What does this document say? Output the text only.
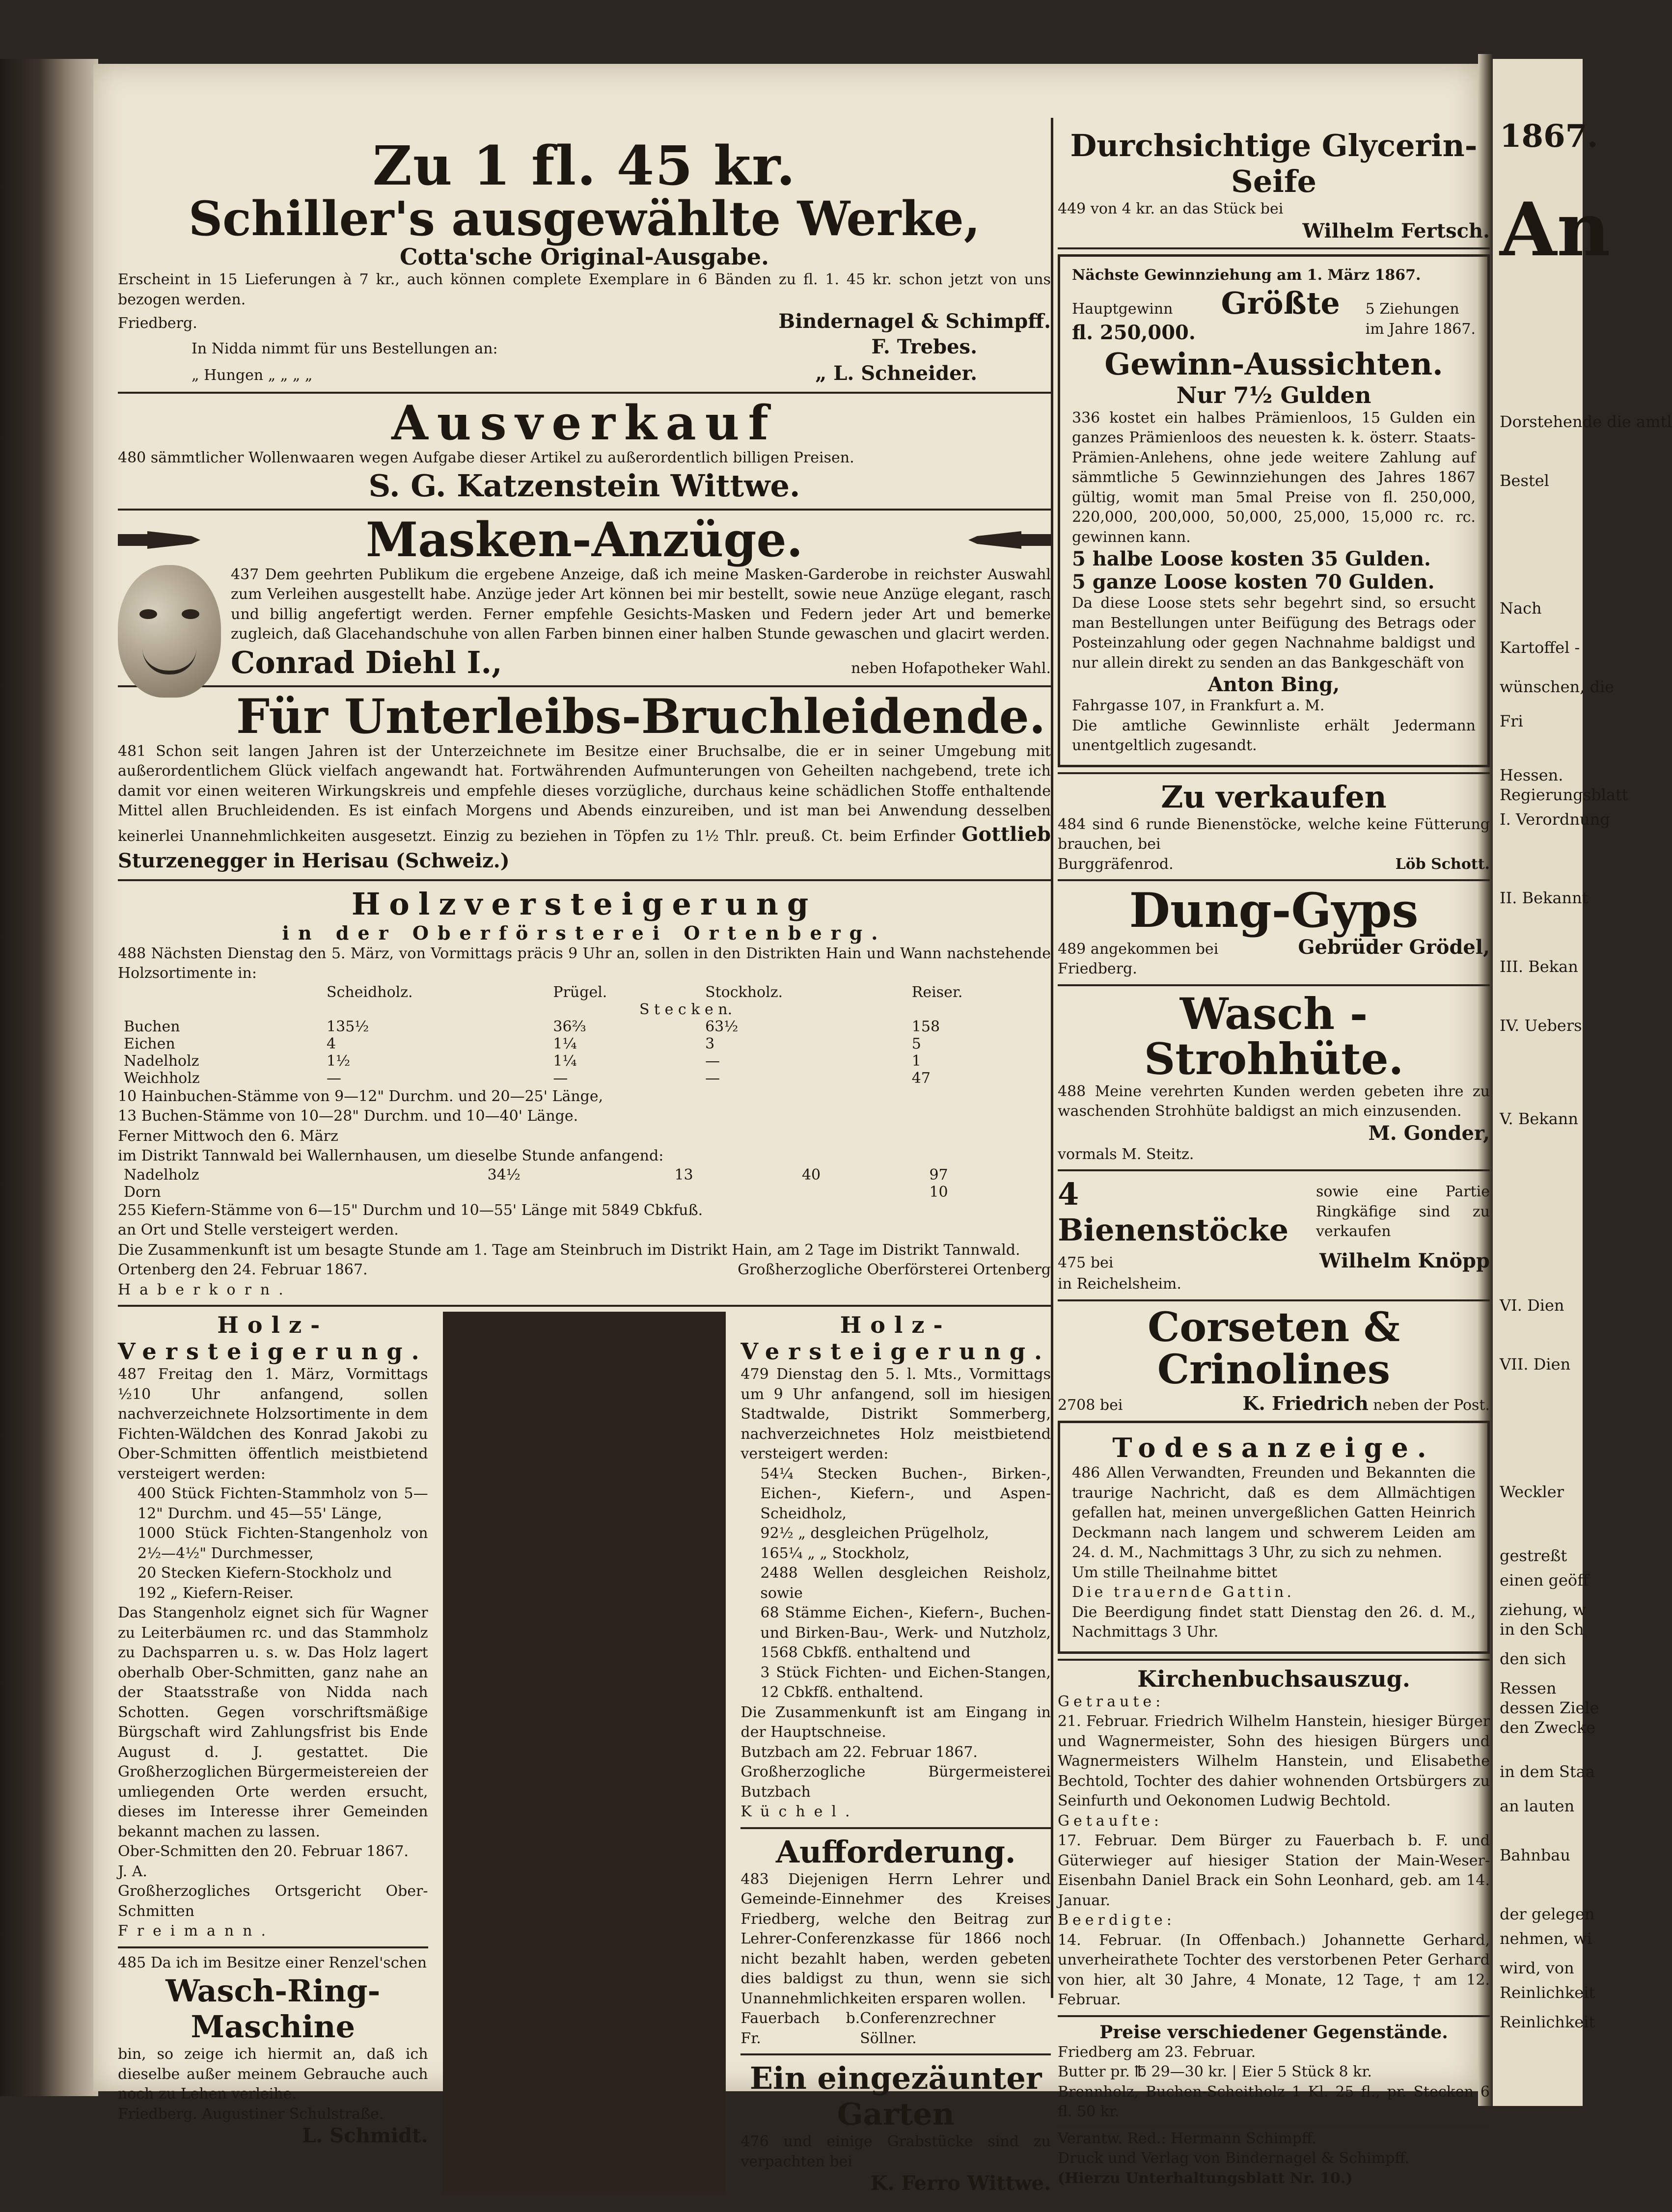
1867.
An
Dorstehende die amtl
Bestel
Nach
Kartoffel -
wünschen, die
Fri
Hessen.
Regierungsblatt
I. Verordnung
II. Bekannt
III. Bekan
IV. Uebers
V. Bekann
VI. Dien
VII. Dien
Weckler
gestreßt
einen geöff
ziehung, w
in den Sch
den sich
Ressen
dessen Ziele
den Zwecke
in dem Staa
an lauten
Bahnbau
der gelegen
nehmen, wi
wird, von
Reinlichkeit
Reinlichkeit
Zu 1 fl. 45 kr.
Schiller's ausgewählte Werke,
Cotta'sche Original-Ausgabe.
Erscheint in 15 Lieferungen à 7 kr., auch können complete Exemplare in 6 Bänden zu fl. 1. 45 kr. schon jetzt von uns bezogen werden.
Friedberg.	Bindernagel & Schimpff.
In Nidda nimmt für uns Bestellungen an:	F. Trebes.
„ Hungen „ „ „ „	„ L. Schneider.
Ausverkauf
480 sämmtlicher Wollenwaaren wegen Aufgabe dieser Artikel zu außerordentlich billigen Preisen.
S. G. Katzenstein Wittwe.
Masken-Anzüge.
437 Dem geehrten Publikum die ergebene Anzeige, daß ich meine Masken-Garderobe in reichster Auswahl zum Verleihen ausgestellt habe. Anzüge jeder Art können bei mir bestellt, sowie neue Anzüge elegant, rasch und billig angefertigt werden. Ferner empfehle Gesichts-Masken und Federn jeder Art und bemerke zugleich, daß Glacehandschuhe von allen Farben binnen einer halben Stunde gewaschen und glacirt werden.
Conrad Diehl I.,	neben Hofapotheker Wahl.
Für Unterleibs-Bruchleidende.
481 Schon seit langen Jahren ist der Unterzeichnete im Besitze einer Bruchsalbe, die er in seiner Umgebung mit außerordentlichem Glück vielfach angewandt hat. Fortwährenden Aufmunterungen von Geheilten nachgebend, trete ich damit vor einen weiteren Wirkungskreis und empfehle dieses vorzügliche, durchaus keine schädlichen Stoffe enthaltende Mittel allen Bruchleidenden. Es ist einfach Morgens und Abends einzureiben, und ist man bei Anwendung desselben keinerlei Unannehmlichkeiten ausgesetzt. Einzig zu beziehen in Töpfen zu 1½ Thlr. preuß. Ct. beim Erfinder Gottlieb Sturzenegger in Herisau (Schweiz.)
Holzversteigerung
in der Oberförsterei Ortenberg.
488 Nächsten Dienstag den 5. März, von Vormittags präcis 9 Uhr an, sollen in den Distrikten Hain und Wann nachstehende Holzsortimente in:
	Scheidholz.	Prügel.	Stockholz.	Reiser.
	S t e c k e n.			
Buchen	135½	36⅔	63½	158
Eichen	4	1¼	3	5
Nadelholz	1½	1¼	—	1
Weichholz	—	—	—	47
10 Hainbuchen-Stämme von 9—12" Durchm. und 20—25' Länge,
13 Buchen-Stämme von 10—28" Durchm. und 10—40' Länge.
Ferner Mittwoch den 6. März
im Distrikt Tannwald bei Wallernhausen, um dieselbe Stunde anfangend:
Nadelholz	34½	13	40	97
Dorn				10
255 Kiefern-Stämme von 6—15" Durchm und 10—55' Länge mit 5849 Cbkfuß.
an Ort und Stelle versteigert werden.
Die Zusammenkunft ist um besagte Stunde am 1. Tage am Steinbruch im Distrikt Hain, am 2 Tage im Distrikt Tannwald.
Ortenberg den 24. Februar 1867.	Großherzogliche Oberförsterei Ortenberg
Haberkorn.
Holz-Versteigerung.
487 Freitag den 1. März, Vormittags ½10 Uhr anfangend, sollen nachverzeichnete Holzsortimente in dem Fichten-Wäldchen des Konrad Jakobi zu Ober-Schmitten öffentlich meistbietend versteigert werden:
400 Stück Fichten-Stammholz von 5—12" Durchm. und 45—55' Länge,
1000 Stück Fichten-Stangenholz von 2½—4½" Durchmesser,
20 Stecken Kiefern-Stockholz und
192 „ Kiefern-Reiser.
Das Stangenholz eignet sich für Wagner zu Leiterbäumen rc. und das Stammholz zu Dachsparren u. s. w. Das Holz lagert oberhalb Ober-Schmitten, ganz nahe an der Staatsstraße von Nidda nach Schotten. Gegen vorschriftsmäßige Bürgschaft wird Zahlungsfrist bis Ende August d. J. gestattet. Die Großherzoglichen Bürgermeistereien der umliegenden Orte werden ersucht, dieses im Interesse ihrer Gemeinden bekannt machen zu lassen.
Ober-Schmitten den 20. Februar 1867.
J. A.
Großherzogliches Ortsgericht Ober-Schmitten
Freimann.
485 Da ich im Besitze einer Renzel'schen
Wasch-Ring-Maschine
bin, so zeige ich hiermit an, daß ich dieselbe außer meinem Gebrauche auch noch zu Lehen verleihe.
Friedberg. Augustiner Schulstraße.
L. Schmidt.
Holz-Versteigerung.
479 Dienstag den 5. l. Mts., Vormittags um 9 Uhr anfangend, soll im hiesigen Stadtwalde, Distrikt Sommerberg, nachverzeichnetes Holz meistbietend versteigert werden:
54¼ Stecken Buchen-, Birken-, Eichen-, Kiefern-, und Aspen-Scheidholz,
92½ „ desgleichen Prügelholz,
165¼ „ „ Stockholz,
2488 Wellen desgleichen Reisholz, sowie
68 Stämme Eichen-, Kiefern-, Buchen- und Birken-Bau-, Werk- und Nutzholz, 1568 Cbkfß. enthaltend und
3 Stück Fichten- und Eichen-Stangen, 12 Cbkfß. enthaltend.
Die Zusammenkunft ist am Eingang in der Hauptschneise.
Butzbach am 22. Februar 1867.
Großherzogliche Bürgermeisterei Butzbach
Küchel.
Aufforderung.
483 Diejenigen Herrn Lehrer und Gemeinde-Einnehmer des Kreises Friedberg, welche den Beitrag zur Lehrer-Conferenzkasse für 1866 noch nicht bezahlt haben, werden gebeten dies baldigst zu thun, wenn sie sich Unannehmlichkeiten ersparen wollen.
Fauerbach b. Fr.
Conferenzrechner Söllner.
Ein eingezäunter Garten
476 und einige Grabstücke sind zu verpachten bei
K. Ferro Wittwe.
Durchsichtige Glycerin-Seife
449 von 4 kr. an das Stück bei
Wilhelm Fertsch.
Nächste Gewinnziehung am 1. März 1867.
Hauptgewinn
fl. 250,000.
Größte 5 Ziehungen
im Jahre 1867.
Gewinn-Aussichten.
Nur 7½ Gulden
336 kostet ein halbes Prämienloos, 15 Gulden ein ganzes Prämienloos des neuesten k. k. österr. Staats-Prämien-Anlehens, ohne jede weitere Zahlung auf sämmtliche 5 Gewinnziehungen des Jahres 1867 gültig, womit man 5mal Preise von fl. 250,000, 220,000, 200,000, 50,000, 25,000, 15,000 rc. rc. gewinnen kann.
5 halbe Loose kosten 35 Gulden.
5 ganze Loose kosten 70 Gulden.
Da diese Loose stets sehr begehrt sind, so ersucht man Bestellungen unter Beifügung des Betrags oder Posteinzahlung oder gegen Nachnahme baldigst und nur allein direkt zu senden an das Bankgeschäft von
Anton Bing,
Fahrgasse 107, in Frankfurt a. M.
Die amtliche Gewinnliste erhält Jedermann unentgeltlich zugesandt.
Zu verkaufen
484 sind 6 runde Bienenstöcke, welche keine Fütterung brauchen, bei
Burggräfenrod.	Löb Schott.
Dung-Gyps
489 angekommen bei	Gebrüder Grödel,
Friedberg.
Wasch - Strohhüte.
488 Meine verehrten Kunden werden gebeten ihre zu waschenden Strohhüte baldigst an mich einzusenden.
M. Gonder,
vormals M. Steitz.
4 Bienenstöcke
sowie eine Partie Ringkäfige sind zu verkaufen
475 bei	Wilhelm Knöpp
in Reichelsheim.
Corseten & Crinolines
2708 bei	K. Friedrich neben der Post.
Todesanzeige.
486 Allen Verwandten, Freunden und Bekannten die traurige Nachricht, daß es dem Allmächtigen gefallen hat, meinen unvergeßlichen Gatten Heinrich Deckmann nach langem und schwerem Leiden am 24. d. M., Nachmittags 3 Uhr, zu sich zu nehmen.
Um stille Theilnahme bittet
Die trauernde Gattin.
Die Beerdigung findet statt Dienstag den 26. d. M., Nachmittags 3 Uhr.
Kirchenbuchsauszug.
Getraute:
21. Februar. Friedrich Wilhelm Hanstein, hiesiger Bürger und Wagnermeister, Sohn des hiesigen Bürgers und Wagnermeisters Wilhelm Hanstein, und Elisabethe Bechtold, Tochter des dahier wohnenden Ortsbürgers zu Seinfurth und Oekonomen Ludwig Bechtold.
Getaufte:
17. Februar. Dem Bürger zu Fauerbach b. F. und Güterwieger auf hiesiger Station der Main-Weser-Eisenbahn Daniel Brack ein Sohn Leonhard, geb. am 14. Januar.
Beerdigte:
14. Februar. (In Offenbach.) Johannette Gerhard, unverheirathete Tochter des verstorbenen Peter Gerhard von hier, alt 30 Jahre, 4 Monate, 12 Tage, † am 12. Februar.
Preise verschiedener Gegenstände.
Friedberg am 23. Februar.
Butter pr. ℔ 29—30 kr. | Eier 5 Stück 8 kr.
Brennholz, Buchen-Scheitholz 1 Kl. 25 fl., pr. Stecken 6 fl. 50 kr.
Verantw. Red.: Hermann Schimpff.
Druck und Verlag von Bindernagel & Schimpff.
(Hierzu Unterhaltungsblatt Nr. 10.)
